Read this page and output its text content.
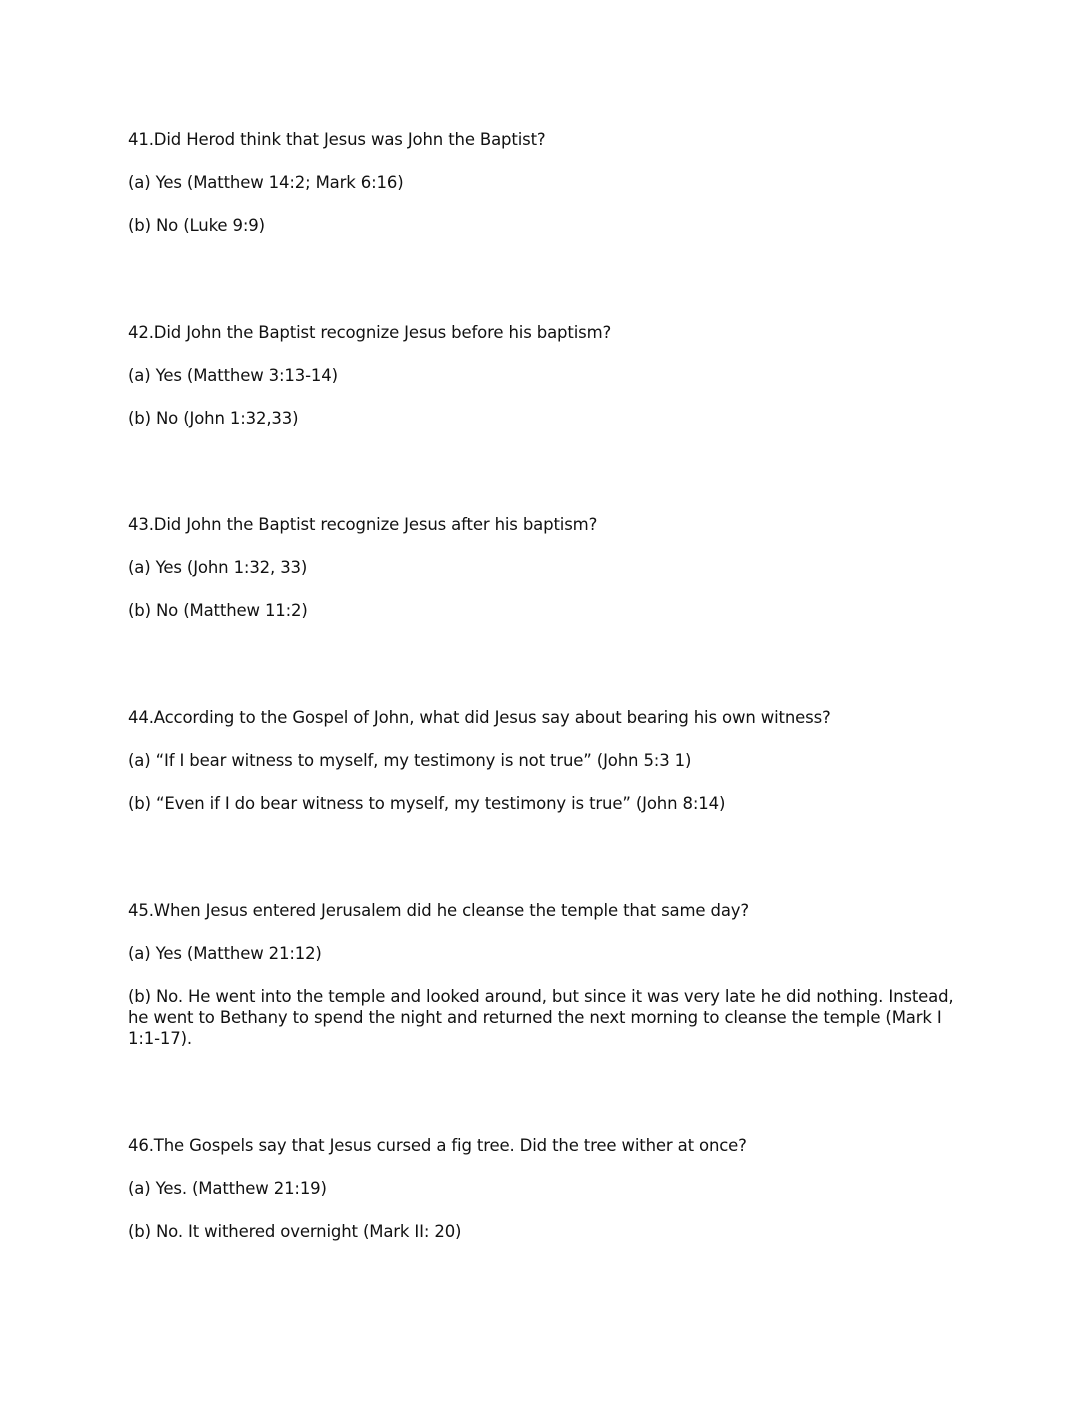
41.Did Herod think that Jesus was John the Baptist?
(a) Yes (Matthew 14:2; Mark 6:16)
(b) No (Luke 9:9)
42.Did John the Baptist recognize Jesus before his baptism?
(a) Yes (Matthew 3:13-14)
(b) No (John 1:32,33)
43.Did John the Baptist recognize Jesus after his baptism?
(a) Yes (John 1:32, 33)
(b) No (Matthew 11:2)
44.According to the Gospel of John, what did Jesus say about bearing his own witness?
(a) “If I bear witness to myself, my testimony is not true” (John 5:3 1)
(b) “Even if I do bear witness to myself, my testimony is true” (John 8:14)
45.When Jesus entered Jerusalem did he cleanse the temple that same day?
(a) Yes (Matthew 21:12)
(b) No. He went into the temple and looked around, but since it was very late he did nothing. Instead, he went to Bethany to spend the night and returned the next morning to cleanse the temple (Mark I 1:1-17).
46.The Gospels say that Jesus cursed a fig tree. Did the tree wither at once?
(a) Yes. (Matthew 21:19)
(b) No. It withered overnight (Mark II: 20)
